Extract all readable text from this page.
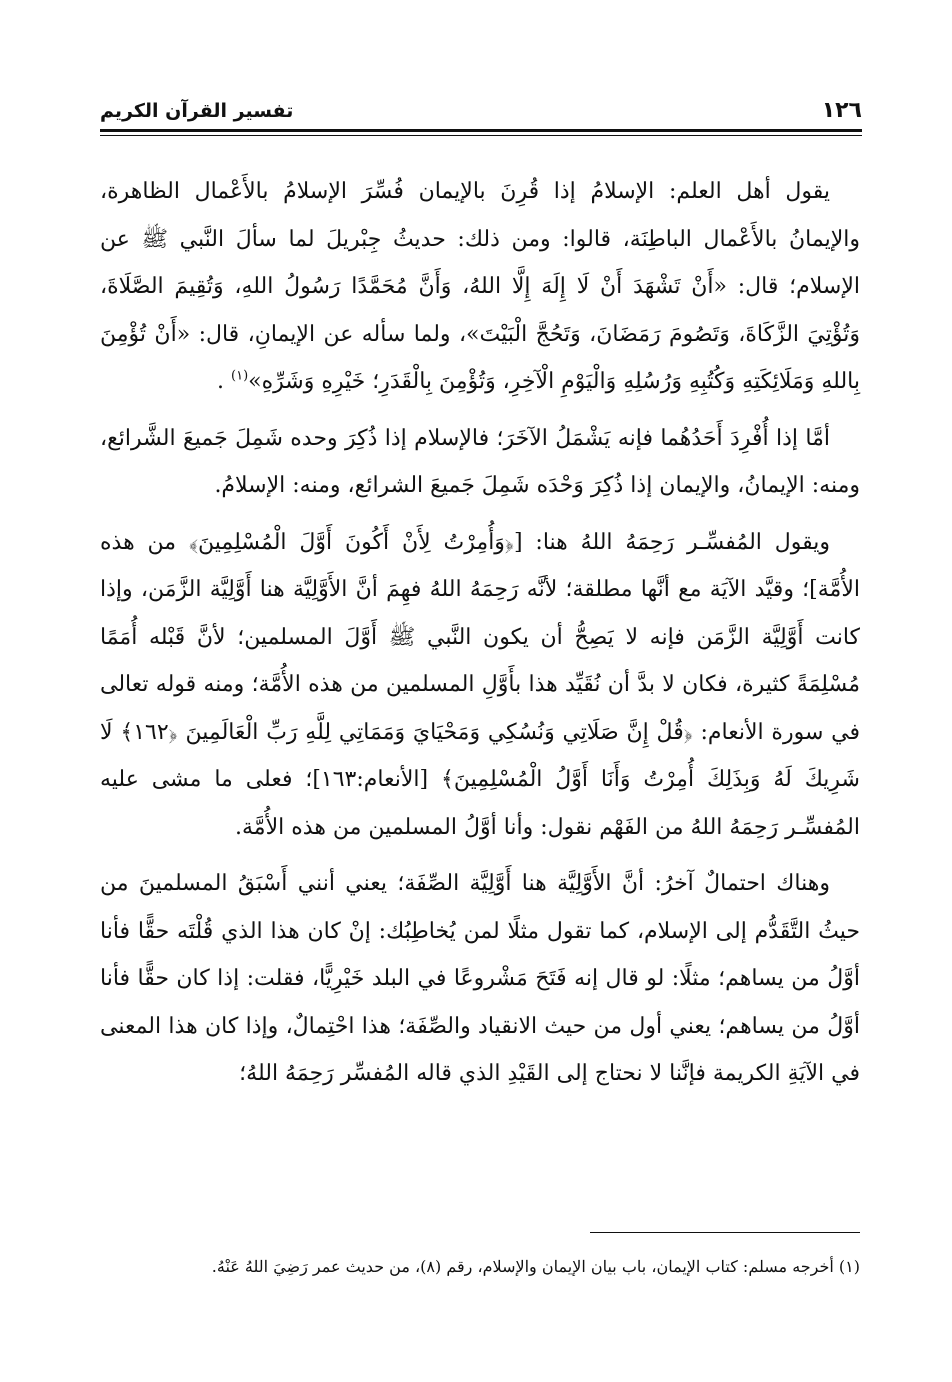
١٢٦
تفسير القرآن الكريم

يقول أهل العلم: الإسلامُ إذا قُرِنَ بالإيمان فُسِّرَ الإسلامُ بالأَعْمال الظاهرة، والإيمانُ بالأَعْمال الباطِنَة، قالوا: ومن ذلك: حديثُ جِبْريلَ لما سألَ النَّبي ﷺ عن الإسلام؛ قال: «أَنْ تَشْهَدَ أَنْ لَا إِلَهَ إِلَّا اللهُ، وَأَنَّ مُحَمَّدًا رَسُولُ اللهِ، وَتُقِيمَ الصَّلَاةَ، وَتُؤْتِيَ الزَّكَاةَ، وَتَصُومَ رَمَضَانَ، وَتَحُجَّ الْبَيْتَ»، ولما سأله عن الإيمانِ، قال: «أَنْ تُؤْمِنَ بِاللهِ وَمَلَائِكَتِهِ وَكُتُبِهِ وَرُسُلِهِ وَالْيَوْمِ الْآخِرِ، وَتُؤْمِنَ بِالْقَدَرِ؛ خَيْرِهِ وَشَرِّهِ»$^{(١)}$ .

أمَّا إذا أُفْرِدَ أَحَدُهُما فإنه يَشْمَلُ الآخَرَ؛ فالإسلام إذا ذُكِرَ وحده شَمِلَ جَميعَ الشَّرائع، ومنه: الإيمانُ، والإيمان إذا ذُكِرَ وَحْدَه شَمِلَ جَميعَ الشرائع، ومنه: الإسلامُ.

ويقول المُفسِّـر رَحِمَهُ اللهُ هنا: [﴿وَأُمِرْتُ لِأَنْ أَكُونَ أَوَّلَ الْمُسْلِمِينَ﴾ من هذه الأُمَّة]؛ وقيَّد الآيَة مع أنَّها مطلقة؛ لأنَّه رَحِمَهُ اللهُ فهِمَ أنَّ الأَوَّلِيَّة هنا أَوَّلِيَّة الزَّمَن، وإذا كانت أَوَّلِيَّة الزَّمَن فإنه لا يَصِحُّ أن يكون النَّبي ﷺ أَوَّلَ المسلمين؛ لأنَّ قَبْله أُمَمًا مُسْلِمَةً كثيرة، فكان لا بدَّ أن نُقَيِّد هذا بأَوَّلِ المسلمين من هذه الأُمَّة؛ ومنه قوله تعالى في سورة الأنعام: ﴿قُلْ إِنَّ صَلَاتِي وَنُسُكِي وَمَحْيَايَ وَمَمَاتِي لِلَّهِ رَبِّ الْعَالَمِينَ ﴿١٦٢﴾ لَا شَرِيكَ لَهُ وَبِذَلِكَ أُمِرْتُ وَأَنَا أَوَّلُ الْمُسْلِمِينَ﴾ [الأنعام:١٦٣]؛ فعلى ما مشى عليه المُفسِّـر رَحِمَهُ اللهُ من الفَهْم نقول: وأنا أوَّلُ المسلمين من هذه الأُمَّة.

وهناك احتمالٌ آخرُ: أنَّ الأَوَّلِيَّة هنا أَوَّلِيَّة الصِّفَة؛ يعني أنني أَسْبَقُ المسلمينَ من حيثُ التَّقَدُّم إلى الإسلام، كما تقول مثلًا لمن يُخاطِبُك: إنْ كان هذا الذي قُلْتَه حقًّا فأنا أوَّلُ من يساهم؛ مثلًا: لو قال إنه فَتَحَ مَشْروعًا في البلد خَيْرِيًّا، فقلت: إذا كان حقًّا فأنا أوَّلُ من يساهم؛ يعني أول من حيث الانقياد والصِّفَة؛ هذا احْتِمالٌ، وإذا كان هذا المعنى في الآيَةِ الكريمة فإنَّنا لا نحتاج إلى القَيْدِ الذي قاله المُفسِّر رَحِمَهُ اللهُ؛

(١) أخرجه مسلم: كتاب الإيمان، باب بيان الإيمان والإسلام، رقم (٨)، من حديث عمر رَضِيَ اللهُ عَنْهُ.
